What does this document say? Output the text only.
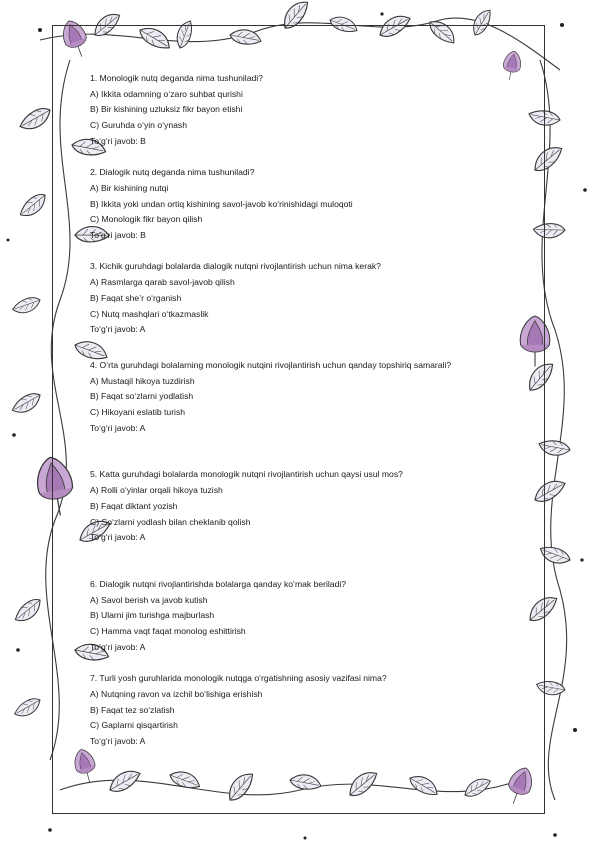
1. Monologik nutq deganda nima tushuniladi?

A) Ikkita odamning o‘zaro suhbat qurishi

B) Bir kishining uzluksiz fikr bayon etishi

C) Guruhda o‘yin o‘ynash

To‘g‘ri javob: B

2. Dialogik nutq deganda nima tushuniladi?

A) Bir kishining nutqi

B) Ikkita yoki undan ortiq kishining savol-javob ko‘rinishidagi muloqoti

C) Monologik fikr bayon qilish

To‘g‘ri javob: B

3. Kichik guruhdagi bolalarda dialogik nutqni rivojlantirish uchun nima kerak?

A) Rasmlarga qarab savol-javob qilish

B) Faqat she’r o‘rganish

C) Nutq mashqlari o‘tkazmaslik

To‘g‘ri javob: A

4. O‘rta guruhdagi bolalarning monologik nutqini rivojlantirish uchun qanday topshiriq samarali?

A) Mustaqil hikoya tuzdirish

B) Faqat so‘zlarni yodlatish

C) Hikoyani eslatib turish

To‘g‘ri javob: A

5. Katta guruhdagi bolalarda monologik nutqni rivojlantirish uchun qaysi usul mos?

A) Rolli o‘yinlar orqali hikoya tuzish

B) Faqat diktant yozish

C) So‘zlarni yodlash bilan cheklanib qolish

To‘g‘ri javob: A

6. Dialogik nutqni rivojlantirishda bolalarga qanday ko‘mak beriladi?

A) Savol berish va javob kutish

B) Ularni jim turishga majburlash

C) Hamma vaqt faqat monolog eshittirish

To‘g‘ri javob: A

7. Turli yosh guruhlarida monologik nutqga o‘rgatishning asosiy vazifasi nima?

A) Nutqning ravon va izchil bo‘lishiga erishish

B) Faqat tez so‘zlatish

C) Gaplarni qisqartirish

To‘g‘ri javob: A
